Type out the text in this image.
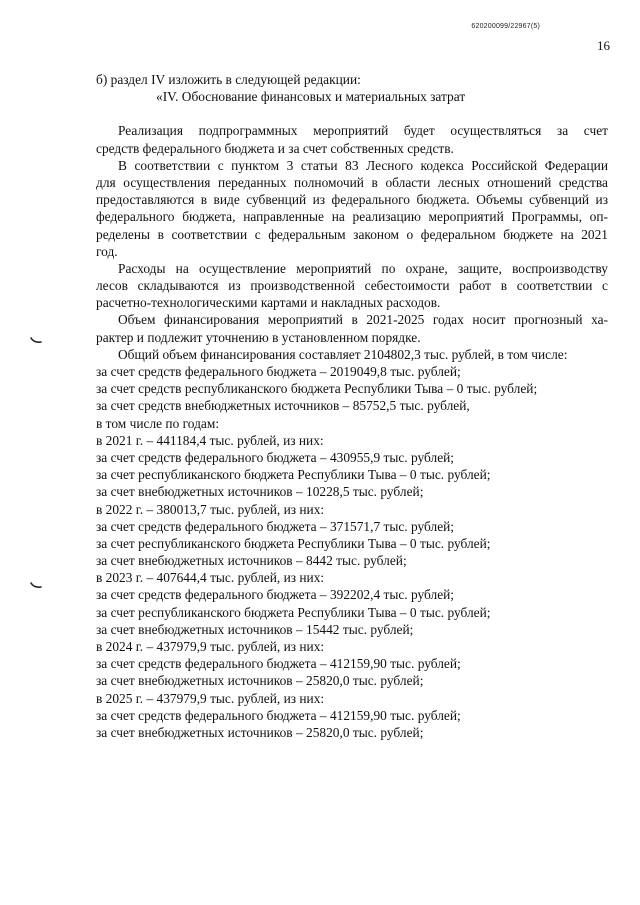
620200099/22967(5)
16
б) раздел IV изложить в следующей редакции:
«IV. Обоснование финансовых и материальных затрат
Реализация подпрограммных мероприятий будет осуществляться за счет
средств федерального бюджета и за счет собственных средств.
В соответствии с пунктом 3 статьи 83 Лесного кодекса Российской Федерации
для осуществления переданных полномочий в области лесных отношений средства
предоставляются в виде субвенций из федерального бюджета. Объемы субвенций из
федерального бюджета, направленные на реализацию мероприятий Программы, оп-
ределены в соответствии с федеральным законом о федеральном бюджете на 2021
год.
Расходы на осуществление мероприятий по охране, защите, воспроизводству
лесов складываются из производственной себестоимости работ в соответствии с
расчетно-технологическими картами и накладных расходов.
Объем финансирования мероприятий в 2021-2025 годах носит прогнозный ха-
рактер и подлежит уточнению в установленном порядке.
Общий объем финансирования составляет 2104802,3 тыс. рублей, в том числе:
за счет средств федерального бюджета – 2019049,8 тыс. рублей;
за счет средств республиканского бюджета Республики Тыва – 0 тыс. рублей;
за счет средств внебюджетных источников – 85752,5 тыс. рублей,
в том числе по годам:
в 2021 г. – 441184,4 тыс. рублей, из них:
за счет средств федерального бюджета – 430955,9 тыс. рублей;
за счет республиканского бюджета Республики Тыва – 0 тыс. рублей;
за счет внебюджетных источников – 10228,5 тыс. рублей;
в 2022 г. – 380013,7 тыс. рублей, из них:
за счет средств федерального бюджета – 371571,7 тыс. рублей;
за счет республиканского бюджета Республики Тыва – 0 тыс. рублей;
за счет внебюджетных источников – 8442 тыс. рублей;
в 2023 г. – 407644,4 тыс. рублей, из них:
за счет средств федерального бюджета – 392202,4 тыс. рублей;
за счет республиканского бюджета Республики Тыва – 0 тыс. рублей;
за счет внебюджетных источников – 15442 тыс. рублей;
в 2024 г. – 437979,9 тыс. рублей, из них:
за счет средств федерального бюджета – 412159,90 тыс. рублей;
за счет внебюджетных источников – 25820,0 тыс. рублей;
в 2025 г. – 437979,9 тыс. рублей, из них:
за счет средств федерального бюджета – 412159,90 тыс. рублей;
за счет внебюджетных источников – 25820,0 тыс. рублей;
